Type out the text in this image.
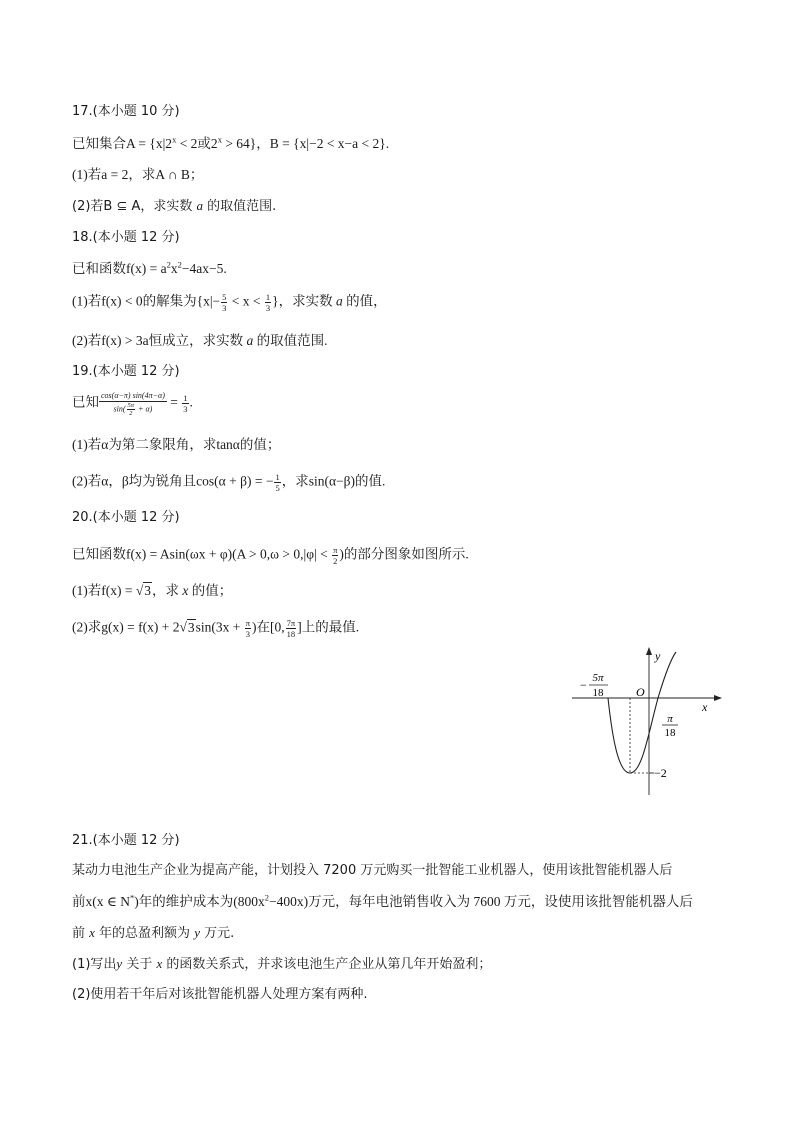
17.(本小题 10 分)
已知集合$A = \{x|2^x < 2$或$2^x > 64$}，B = {x|−2 < x−a < 2}.
(1)若a = 2，求A ∩ B；
(2)若B ⊆ A，求实数 a 的取值范围.
18.(本小题 12 分)
已和函数$f(x) = a^2x^2-4ax-5$.
(1)若f(x) < 0的解集为{$x|- \frac{5}{3} < x < \frac{1}{3}$ }，求实数 a 的值，
(2)若f(x) > 3a恒成立，求实数 a 的取值范围.
19.(本小题 12 分)
已知 $\frac{\cos(\alpha-\pi) \sin(4\pi-\alpha)}{\sin( \frac{5\pi}{2} + \alpha)} = \frac{1}{3}$ .
(1)若α为第二象限角，求tanα的值；
(2)若α，β均为锐角且cos(α + β) = − $\frac{1}{5}$ ，求sin(α−β)的值.
20.(本小题 12 分)
已知函数$f(x) = Asin(\omega x + \varphi)(A > 0,\omega > 0,|\varphi| < \frac{\pi}{2}$ )的部分图象如图所示.
(1)若f(x) = √3，求 x 的值；
(2)求$g(x) = f(x) + 2√3\sin(3x + \frac{\pi}{3}$ )在[0, $\frac{7\pi}{18}$ ]上的最值.
y
x
O
− 5π
18
π
18
−2
21.(本小题 12 分)
某动力电池生产企业为提高产能，计划投入 7200 万元购买一批智能工业机器人，使用该批智能机器人后
前x(x ∈ N*)年的维护成本为$(800x^2-400x)$万元，每年电池销售收入为 7600 万元，设使用该批智能机器人后
前 x 年的总盈利额为 y 万元.
(1)写出y 关于 x 的函数关系式，并求该电池生产企业从第几年开始盈利；
(2)使用若干年后对该批智能机器人处理方案有两种.
